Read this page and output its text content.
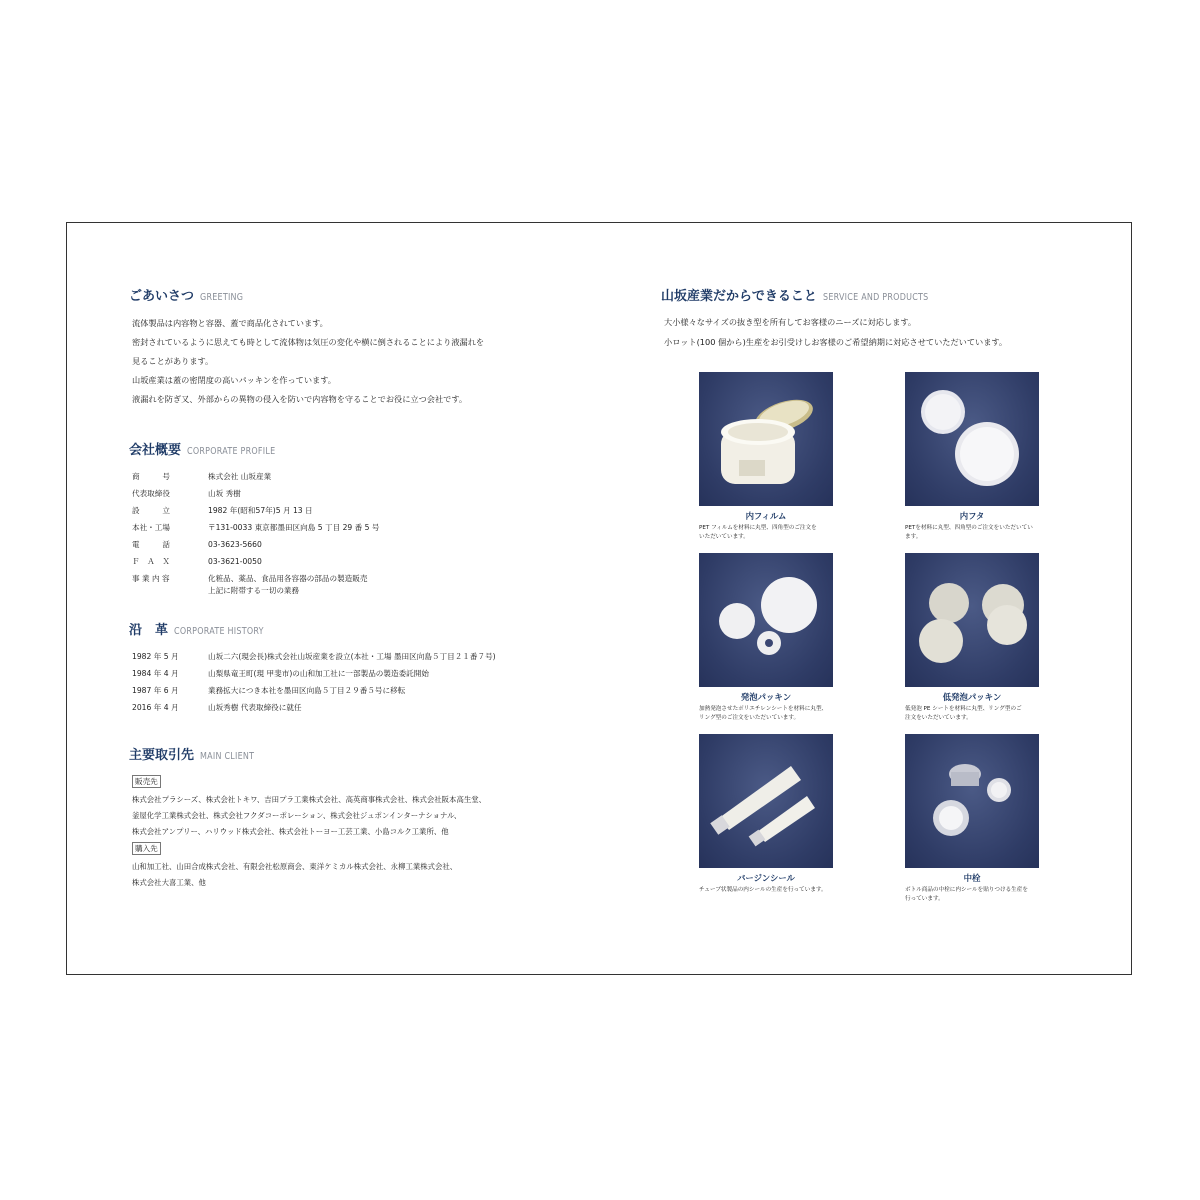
ごあいさつ GREETING
流体製品は内容物と容器、蓋で商品化されています。
密封されているように思えても時として流体物は気圧の変化や横に倒されることにより液漏れを
見ることがあります。
山坂産業は蓋の密閉度の高いパッキンを作っています。
液漏れを防ぎ又、外部からの異物の侵入を防いで内容物を守ることでお役に立つ会社です。
会社概要 CORPORATE PROFILE
商　　　号	株式会社 山坂産業
代表取締役	山坂 秀樹
設　　　立	1982 年(昭和57年)5 月 13 日
本社・工場	〒131-0033 東京都墨田区向島 5 丁目 29 番 5 号
電　　　話	03-3623-5660
Ｆ　Ａ　Ｘ	03-3621-0050
事 業 内 容	化粧品、薬品、食品用各容器の部品の製造販売
上記に附帯する一切の業務
沿　革 CORPORATE HISTORY
1982 年 5 月	山坂二六(現会長)株式会社山坂産業を設立(本社・工場 墨田区向島５丁目２１番７号)
1984 年 4 月	山梨県竜王町(現 甲斐市)の山和加工社に一部製品の製造委託開始
1987 年 6 月	業務拡大につき本社を墨田区向島５丁目２９番５号に移転
2016 年 4 月	山坂秀樹 代表取締役に就任
主要取引先 MAIN CLIENT
販売先
株式会社プラシーズ、株式会社トキワ、吉田プラ工業株式会社、高英商事株式会社、株式会社阪本高生堂、
釜屋化学工業株式会社、株式会社フクダコーポレーション、株式会社ジュポンインターナショナル、
株式会社アンプリー、ハリウッド株式会社、株式会社トーヨー工芸工業、小島コルク工業所、他
購入先
山和加工社、山田合成株式会社、有限会社松原商会、東洋ケミカル株式会社、永柳工業株式会社、
株式会社大喜工業、他
山坂産業だからできること SERVICE AND PRODUCTS
大小様々なサイズの抜き型を所有してお客様のニーズに対応します。
小ロット(100 個から)生産をお引受けしお客様のご希望納期に対応させていただいています。
内フィルム
PET フィルムを材料に丸型、四角型のご注文を
いただいています。
内フタ
PETを材料に丸型、四角型のご注文をいただいてい
ます。
発泡パッキン
加熱発泡させたポリエチレンシートを材料に丸型、
リング型のご注文をいただいています。
低発泡パッキン
低発泡 PE シートを材料に丸型、リング型のご
注文をいただいています。
バージンシール
チューブ状製品の内シールの生産を行っています。
中栓
ボトル商品の中栓に内シールを貼りつける生産を
行っています。
